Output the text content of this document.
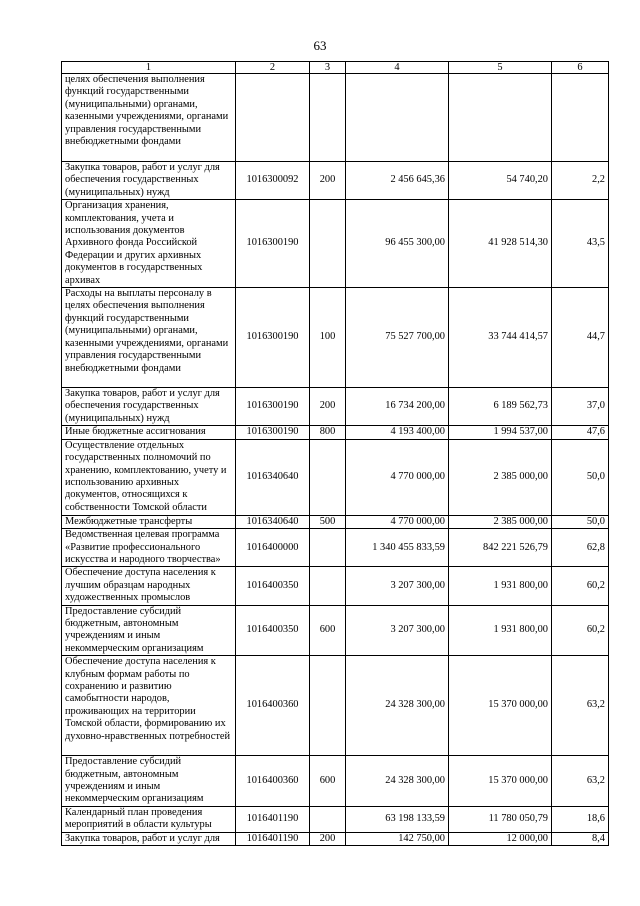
63
1	2	3	4	5	6
целях обеспечения выполнения функций государственными (муниципальными) органами, казенными учреждениями, органами управления государственными внебюджетными фондами					
Закупка товаров, работ и услуг для обеспечения государственных (муниципальных) нужд	1016300092	200	2 456 645,36	54 740,20	2,2
Организация хранения, комплектования, учета и использования документов Архивного фонда Российской Федерации и других архивных документов в государственных архивах	1016300190		96 455 300,00	41 928 514,30	43,5
Расходы на выплаты персоналу в целях обеспечения выполнения функций государственными (муниципальными) органами, казенными учреждениями, органами управления государственными внебюджетными фондами	1016300190	100	75 527 700,00	33 744 414,57	44,7
Закупка товаров, работ и услуг для обеспечения государственных (муниципальных) нужд	1016300190	200	16 734 200,00	6 189 562,73	37,0
Иные бюджетные ассигнования	1016300190	800	4 193 400,00	1 994 537,00	47,6
Осуществление отдельных государственных полномочий по хранению, комплектованию, учету и использованию архивных документов, относящихся к собственности Томской области	1016340640		4 770 000,00	2 385 000,00	50,0
Межбюджетные трансферты	1016340640	500	4 770 000,00	2 385 000,00	50,0
Ведомственная целевая программа «Развитие профессионального искусства и народного творчества»	1016400000		1 340 455 833,59	842 221 526,79	62,8
Обеспечение доступа населения к лучшим образцам народных художественных промыслов	1016400350		3 207 300,00	1 931 800,00	60,2
Предоставление субсидий бюджетным, автономным учреждениям и иным некоммерческим организациям	1016400350	600	3 207 300,00	1 931 800,00	60,2
Обеспечение доступа населения к клубным формам работы по сохранению и развитию самобытности народов, проживающих на территории Томской области, формированию их духовно-нравственных потребностей	1016400360		24 328 300,00	15 370 000,00	63,2
Предоставление субсидий бюджетным, автономным учреждениям и иным некоммерческим организациям	1016400360	600	24 328 300,00	15 370 000,00	63,2
Календарный план проведения мероприятий в области культуры	1016401190		63 198 133,59	11 780 050,79	18,6
Закупка товаров, работ и услуг для	1016401190	200	142 750,00	12 000,00	8,4
